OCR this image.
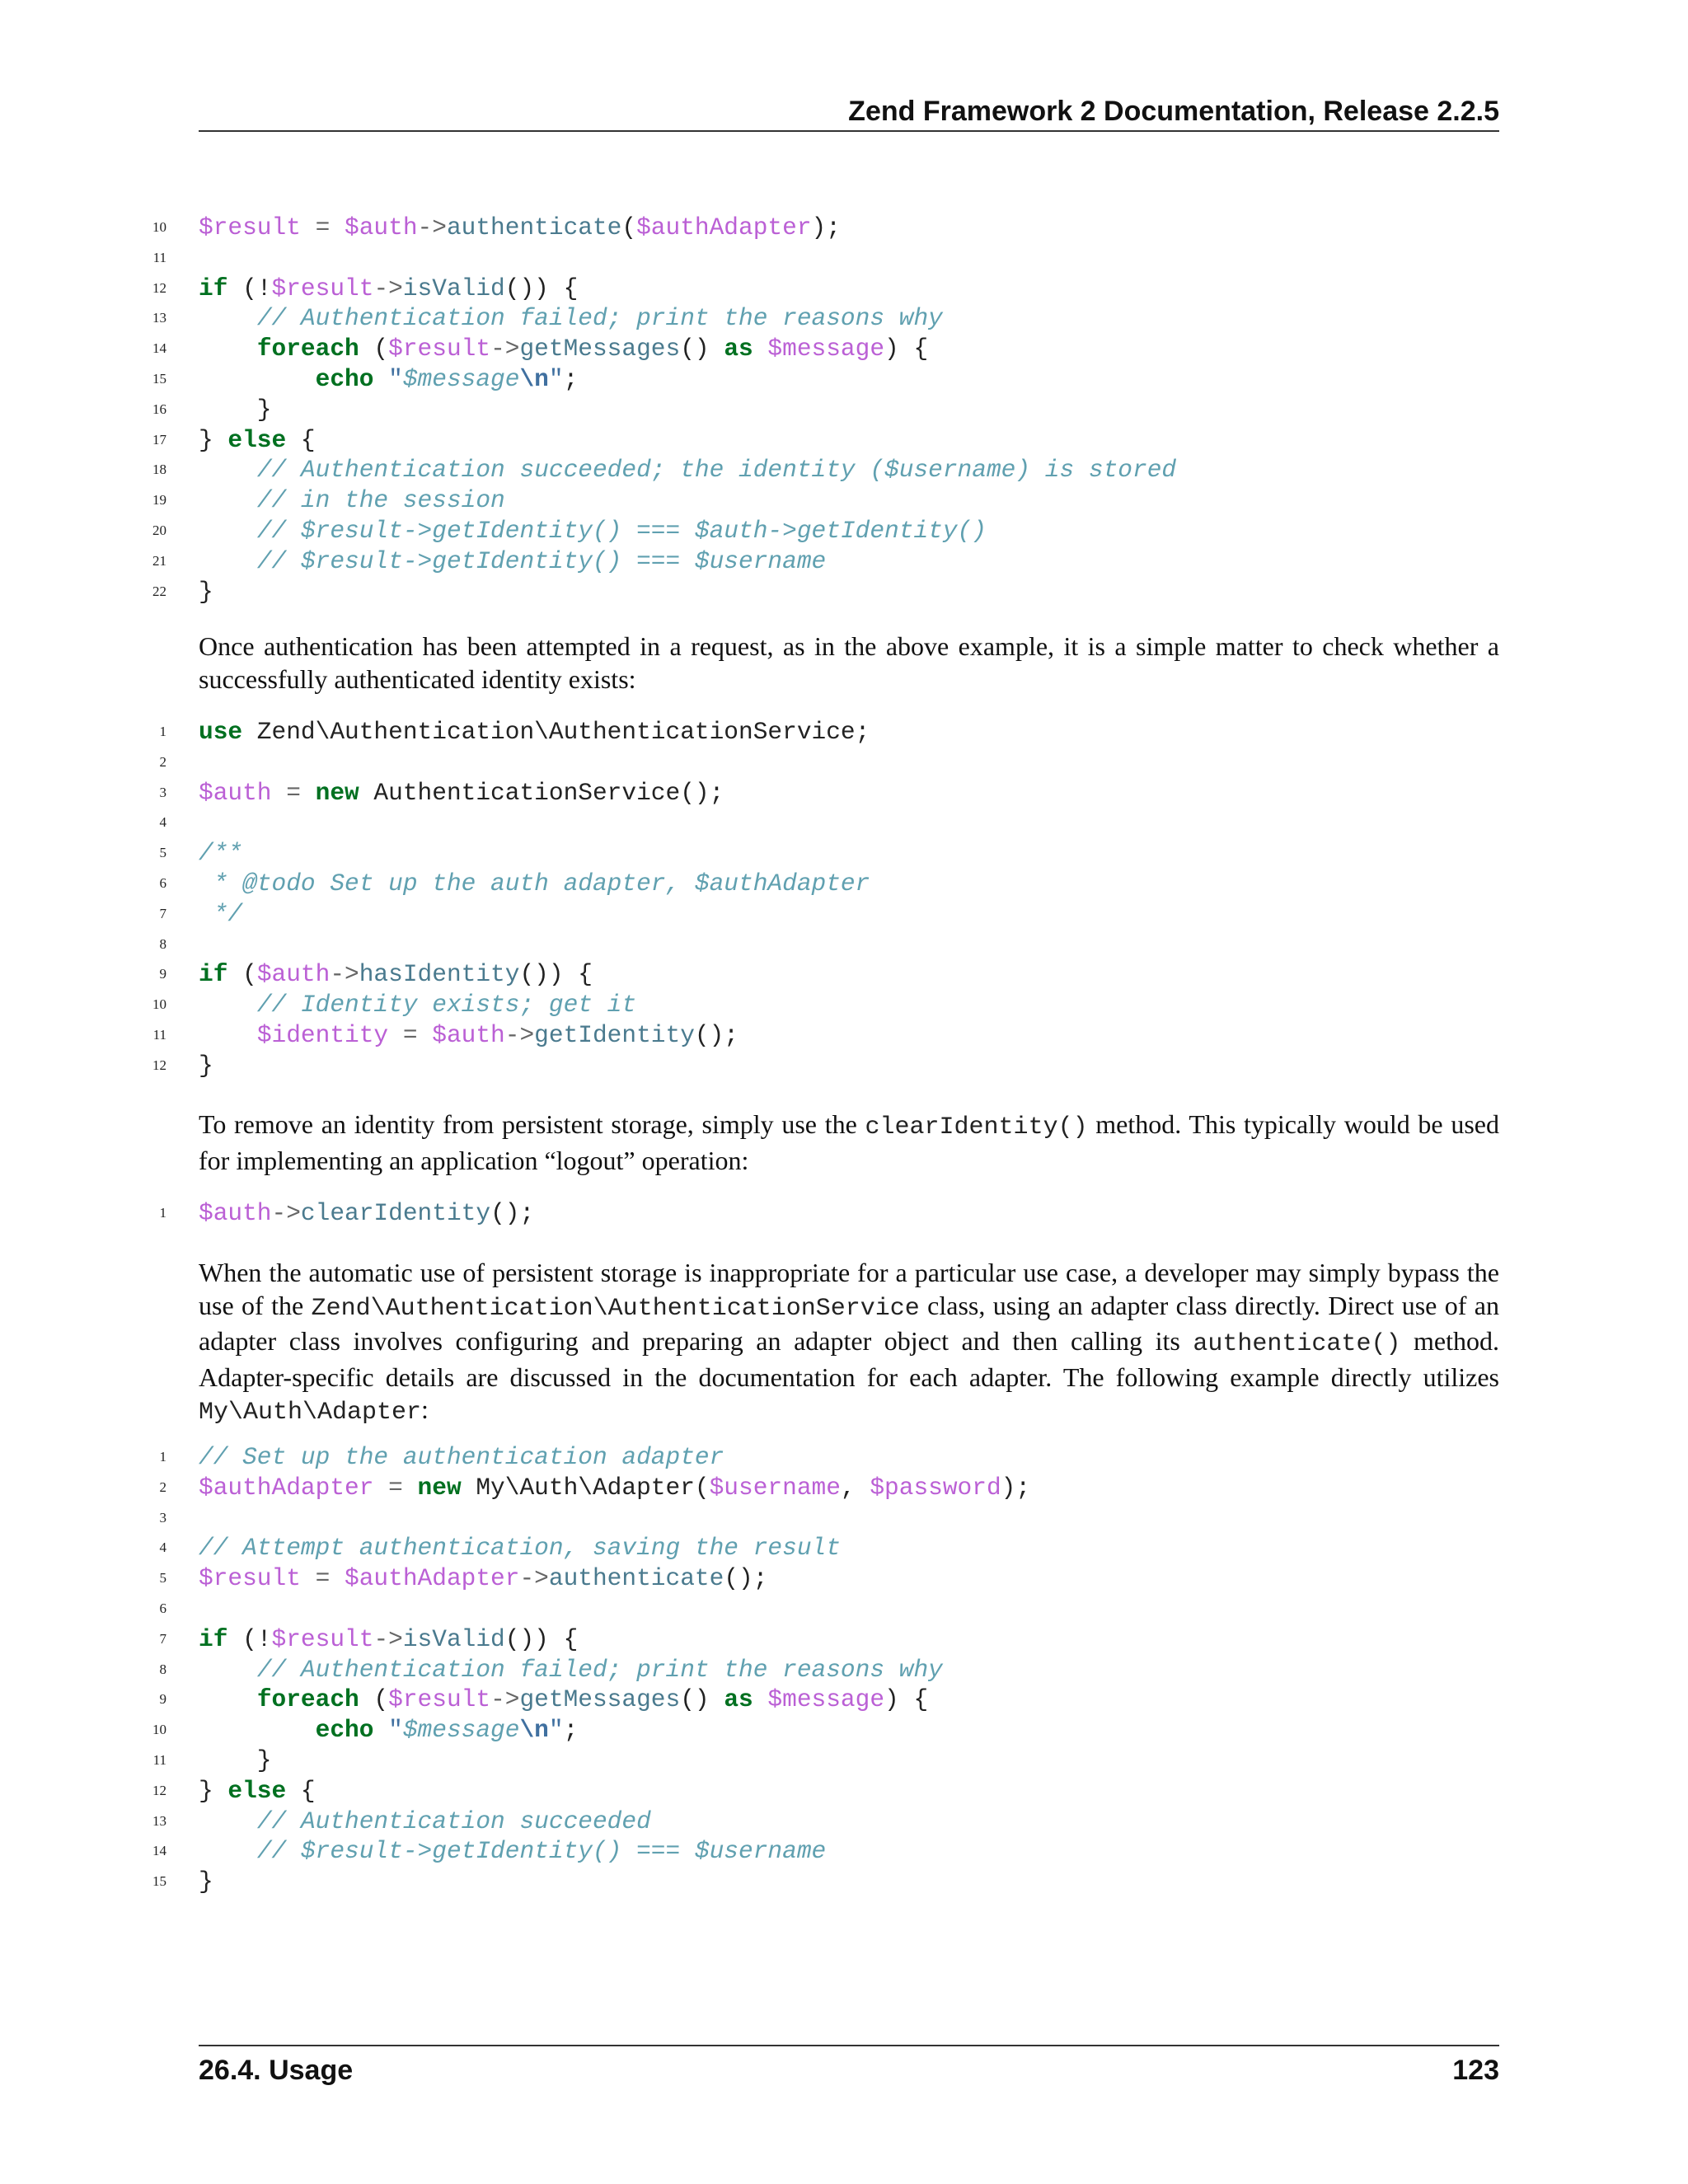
Zend Framework 2 Documentation, Release 2.2.5
10 $result = $auth->authenticate($authAdapter);
11
12 if (!$result->isValid()) {
13	// Authentication failed; print the reasons why
14	foreach ($result->getMessages() as $message) {
15	echo "$message\n";
16 }
17 } else {
18	// Authentication succeeded; the identity ($username) is stored
19	// in the session
20	// $result->getIdentity() === $auth->getIdentity()
21	// $result->getIdentity() === $username
22 }
Once authentication has been attempted in a request, as in the above example, it is a simple matter to check whether a successfully authenticated identity exists:
1 use Zend\Authentication\AuthenticationService;
2
3 $auth = new AuthenticationService();
4
5 /**
6 * @todo Set up the auth adapter, $authAdapter
7 */
8
9 if ($auth->hasIdentity()) {
10	// Identity exists; get it
11	$identity = $auth->getIdentity();
12 }
To remove an identity from persistent storage, simply use the clearIdentity() method. This typically would be used for implementing an application “logout” operation:
1 $auth->clearIdentity();
When the automatic use of persistent storage is inappropriate for a particular use case, a developer may simply bypass the use of the Zend\Authentication\AuthenticationService class, using an adapter class directly. Direct use of an adapter class involves configuring and preparing an adapter object and then calling its authenticate() method. Adapter-specific details are discussed in the documentation for each adapter. The following example directly utilizes My\Auth\Adapter:
1 // Set up the authentication adapter
2 $authAdapter = new My\Auth\Adapter($username, $password);
3
4 // Attempt authentication, saving the result
5 $result = $authAdapter->authenticate();
6
7 if (!$result->isValid()) {
8	// Authentication failed; print the reasons why
9	foreach ($result->getMessages() as $message) {
10	echo "$message\n";
11 }
12 } else {
13	// Authentication succeeded
14	// $result->getIdentity() === $username
15 }
26.4. Usage	123
